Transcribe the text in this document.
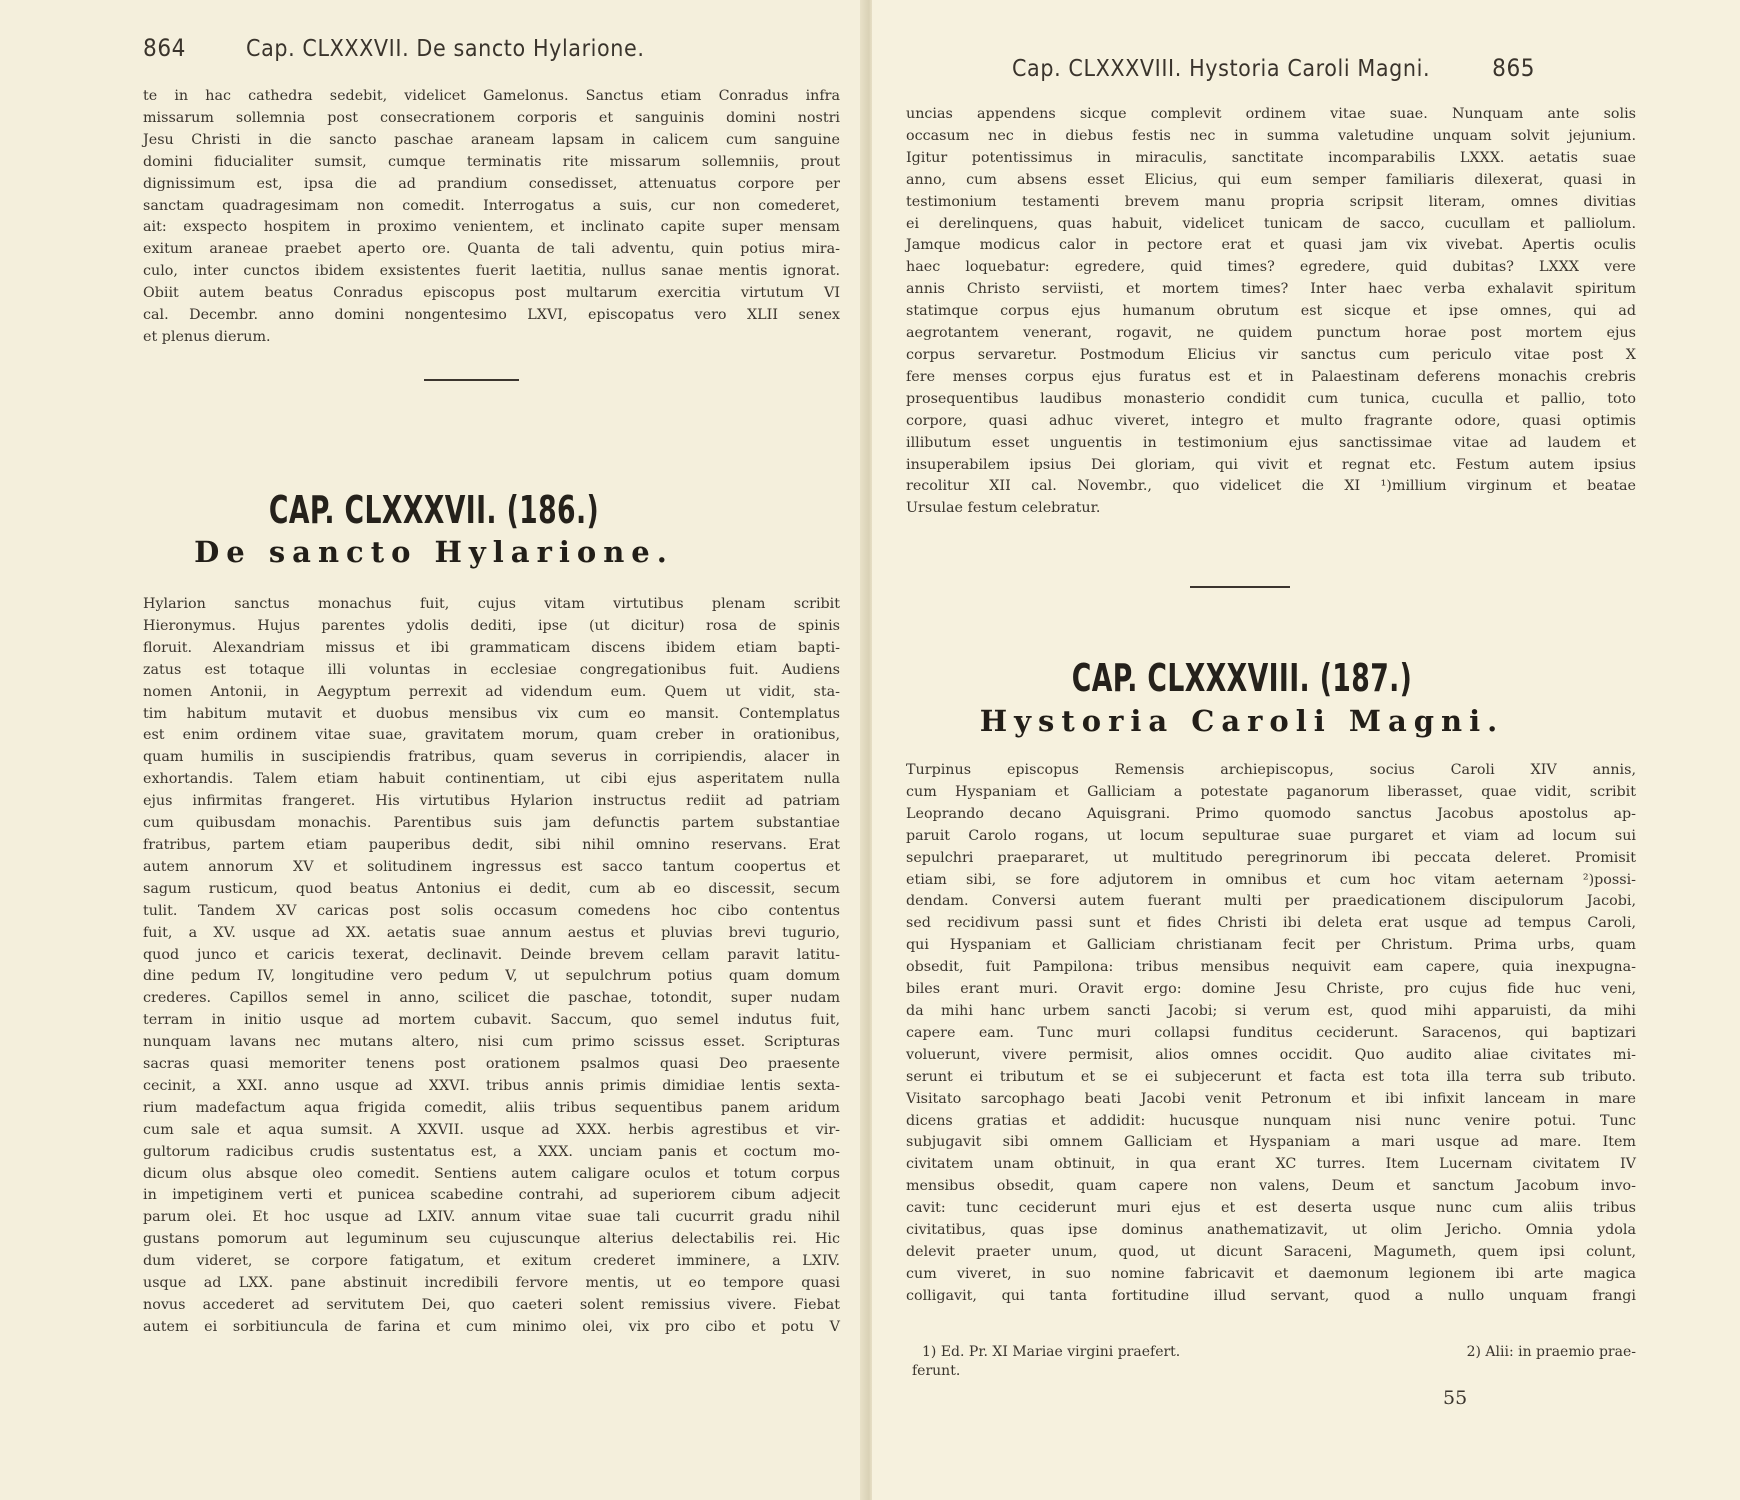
864	Cap. CLXXXVII. De sancto Hylarione.
te in hac cathedra sedebit, videlicet Gamelonus. Sanctus etiam Conradus infra
missarum sollemnia post consecrationem corporis et sanguinis domini nostri
Jesu Christi in die sancto paschae araneam lapsam in calicem cum sanguine
domini fiducialiter sumsit, cumque terminatis rite missarum sollemniis, prout
dignissimum est, ipsa die ad prandium consedisset, attenuatus corpore per
sanctam quadragesimam non comedit. Interrogatus a suis, cur non comederet,
ait: exspecto hospitem in proximo venientem, et inclinato capite super mensam
exitum araneae praebet aperto ore. Quanta de tali adventu, quin potius mira-
culo, inter cunctos ibidem exsistentes fuerit laetitia, nullus sanae mentis ignorat.
Obiit autem beatus Conradus episcopus post multarum exercitia virtutum VI
cal. Decembr. anno domini nongentesimo LXVI, episcopatus vero XLII senex
et plenus dierum.
CAP. CLXXXVII. (186.)
De sancto Hylarione.
Hylarion sanctus monachus fuit, cujus vitam virtutibus plenam scribit
Hieronymus. Hujus parentes ydolis dediti, ipse (ut dicitur) rosa de spinis
floruit. Alexandriam missus et ibi grammaticam discens ibidem etiam bapti-
zatus est totaque illi voluntas in ecclesiae congregationibus fuit. Audiens
nomen Antonii, in Aegyptum perrexit ad videndum eum. Quem ut vidit, sta-
tim habitum mutavit et duobus mensibus vix cum eo mansit. Contemplatus
est enim ordinem vitae suae, gravitatem morum, quam creber in orationibus,
quam humilis in suscipiendis fratribus, quam severus in corripiendis, alacer in
exhortandis. Talem etiam habuit continentiam, ut cibi ejus asperitatem nulla
ejus infirmitas frangeret. His virtutibus Hylarion instructus rediit ad patriam
cum quibusdam monachis. Parentibus suis jam defunctis partem substantiae
fratribus, partem etiam pauperibus dedit, sibi nihil omnino reservans. Erat
autem annorum XV et solitudinem ingressus est sacco tantum coopertus et
sagum rusticum, quod beatus Antonius ei dedit, cum ab eo discessit, secum
tulit. Tandem XV caricas post solis occasum comedens hoc cibo contentus
fuit, a XV. usque ad XX. aetatis suae annum aestus et pluvias brevi tugurio,
quod junco et caricis texerat, declinavit. Deinde brevem cellam paravit latitu-
dine pedum IV, longitudine vero pedum V, ut sepulchrum potius quam domum
crederes. Capillos semel in anno, scilicet die paschae, totondit, super nudam
terram in initio usque ad mortem cubavit. Saccum, quo semel indutus fuit,
nunquam lavans nec mutans altero, nisi cum primo scissus esset. Scripturas
sacras quasi memoriter tenens post orationem psalmos quasi Deo praesente
cecinit, a XXI. anno usque ad XXVI. tribus annis primis dimidiae lentis sexta-
rium madefactum aqua frigida comedit, aliis tribus sequentibus panem aridum
cum sale et aqua sumsit. A XXVII. usque ad XXX. herbis agrestibus et vir-
gultorum radicibus crudis sustentatus est, a XXX. unciam panis et coctum mo-
dicum olus absque oleo comedit. Sentiens autem caligare oculos et totum corpus
in impetiginem verti et puniceа scabedine contrahi, ad superiorem cibum adjecit
parum olei. Et hoc usque ad LXIV. annum vitae suae tali cucurrit gradu nihil
gustans pomorum aut leguminum seu cujuscunque alterius delectabilis rei. Hic
dum videret, se corpore fatigatum, et exitum crederet imminere, a LXIV.
usque ad LXX. pane abstinuit incredibili fervore mentis, ut eo tempore quasi
novus accederet ad servitutem Dei, quo caeteri solent remissius vivere. Fiebat
autem ei sorbitiuncula de farina et cum minimo olei, vix pro cibo et potu V
Cap. CLXXXVIII. Hystoria Caroli Magni.	865
uncias appendens sicque complevit ordinem vitae suae. Nunquam ante solis
occasum nec in diebus festis nec in summa valetudine unquam solvit jejunium.
Igitur potentissimus in miraculis, sanctitate incomparabilis LXXX. aetatis suae
anno, cum absens esset Elicius, qui eum semper familiaris dilexerat, quasi in
testimonium testamenti brevem manu propria scripsit literam, omnes divitias
ei derelinquens, quas habuit, videlicet tunicam de sacco, cucullam et palliolum.
Jamque modicus calor in pectore erat et quasi jam vix vivebat. Apertis oculis
haec loquebatur: egredere, quid times? egredere, quid dubitas? LXXX vere
annis Christo serviisti, et mortem times? Inter haec verba exhalavit spiritum
statimque corpus ejus humanum obrutum est sicque et ipse omnes, qui ad
aegrotantem venerant, rogavit, ne quidem punctum horae post mortem ejus
corpus servaretur. Postmodum Elicius vir sanctus cum periculo vitae post X
fere menses corpus ejus furatus est et in Palaestinam deferens monachis crebris
prosequentibus laudibus monasterio condidit cum tunica, cuculla et pallio, toto
corpore, quasi adhuc viveret, integro et multo fragrante odore, quasi optimis
illibutum esset unguentis in testimonium ejus sanctissimae vitae ad laudem et
insuperabilem ipsius Dei gloriam, qui vivit et regnat etc. Festum autem ipsius
recolitur XII cal. Novembr., quo videlicet die XI ¹)millium virginum et beatae
Ursulae festum celebratur.
CAP. CLXXXVIII. (187.)
Hystoria Caroli Magni.
Turpinus episcopus Remensis archiepiscopus, socius Caroli XIV annis,
cum Hyspaniam et Galliciam a potestate paganorum liberasset, quae vidit, scribit
Leoprando decano Aquisgrani. Primo quomodo sanctus Jacobus apostolus ap-
paruit Carolo rogans, ut locum sepulturae suae purgaret et viam ad locum sui
sepulchri praepararet, ut multitudo peregrinorum ibi peccata deleret. Promisit
etiam sibi, se fore adjutorem in omnibus et cum hoc vitam aeternam ²)possi-
dendam. Conversi autem fuerant multi per praedicationem discipulorum Jacobi,
sed recidivum passi sunt et fides Christi ibi deleta erat usque ad tempus Caroli,
qui Hyspaniam et Galliciam christianam fecit per Christum. Prima urbs, quam
obsedit, fuit Pampilona: tribus mensibus nequivit eam capere, quia inexpugna-
biles erant muri. Oravit ergo: domine Jesu Christe, pro cujus fide huc veni,
da mihi hanc urbem sancti Jacobi; si verum est, quod mihi apparuisti, da mihi
capere eam. Tunc muri collapsi funditus ceciderunt. Saracenos, qui baptizari
voluerunt, vivere permisit, alios omnes occidit. Quo audito aliae civitates mi-
serunt ei tributum et se ei subjecerunt et facta est tota illa terra sub tributo.
Visitato sarcophago beati Jacobi venit Petronum et ibi infixit lanceam in mare
dicens gratias et addidit: hucusque nunquam nisi nunc venire potui. Tunc
subjugavit sibi omnem Galliciam et Hyspaniam a mari usque ad mare. Item
civitatem unam obtinuit, in qua erant XC turres. Item Lucernam civitatem IV
mensibus obsedit, quam capere non valens, Deum et sanctum Jacobum invo-
cavit: tunc ceciderunt muri ejus et est deserta usque nunc cum aliis tribus
civitatibus, quas ipse dominus anathematizavit, ut olim Jericho. Omnia ydola
delevit praeter unum, quod, ut dicunt Saraceni, Magumeth, quem ipsi colunt,
cum viveret, in suo nomine fabricavit et daemonum legionem ibi arte magica
colligavit, qui tanta fortitudine illud servant, quod a nullo unquam frangi
1) Ed. Pr. XI Mariae virgini praefert.	2) Alii: in praemio prae-
ferunt.
55
